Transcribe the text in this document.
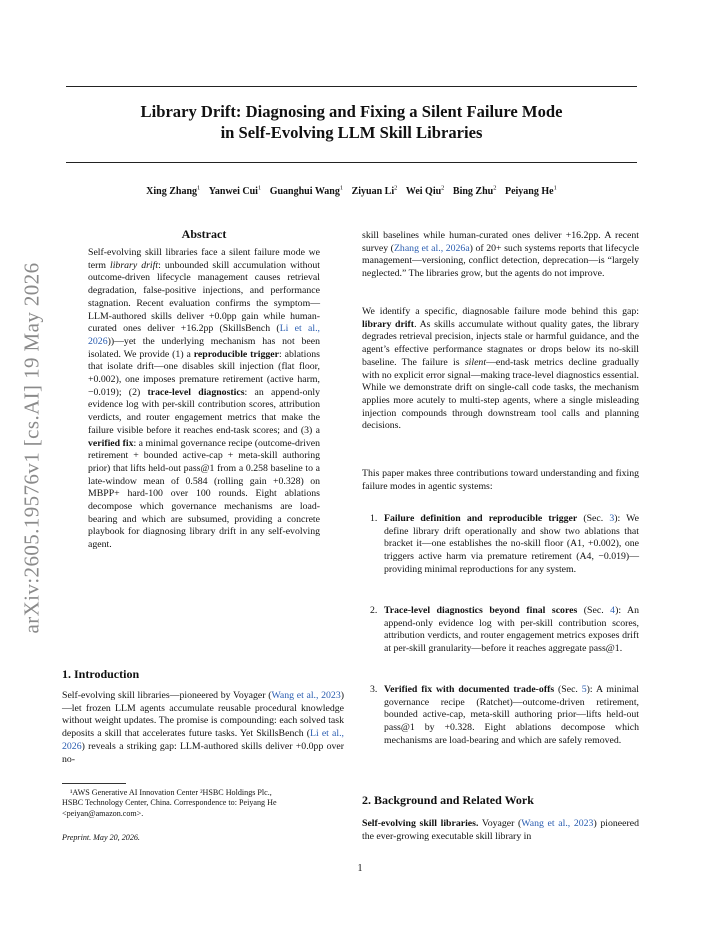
Library Drift: Diagnosing and Fixing a Silent Failure Mode
in Self-Evolving LLM Skill Libraries
Xing Zhang$^1$ Yanwei Cui$^1$ Guanghui Wang$^1$ Ziyuan Li$^2$ Wei Qiu$^2$ Bing Zhu$^2$ Peiyang He$^1$
arXiv:2605.19576v1 [cs.AI] 19 May 2026
Abstract
Self-evolving skill libraries face a silent failure mode we term library drift: unbounded skill accumulation without outcome-driven lifecycle management causes retrieval degradation, false-positive injections, and performance stagnation. Recent evaluation confirms the symptom—LLM-authored skills deliver +0.0pp gain while human-curated ones deliver +16.2pp (SkillsBench (Li et al., 2026))—yet the underlying mechanism has not been isolated. We provide (1) a reproducible trigger: ablations that isolate drift—one disables skill injection (flat floor, +0.002), one imposes premature retirement (active harm, −0.019); (2) trace-level diagnostics: an append-only evidence log with per-skill contribution scores, attribution verdicts, and router engagement metrics that make the failure visible before it reaches end-task scores; and (3) a verified fix: a minimal governance recipe (outcome-driven retirement + bounded active-cap + meta-skill authoring prior) that lifts held-out pass@1 from a 0.258 baseline to a late-window mean of 0.584 (rolling gain +0.328) on MBPP+ hard-100 over 100 rounds. Eight ablations decompose which governance mechanisms are load-bearing and which are subsumed, providing a concrete playbook for diagnosing library drift in any self-evolving agent.
1. Introduction
Self-evolving skill libraries—pioneered by Voyager (Wang et al., 2023)—let frozen LLM agents accumulate reusable procedural knowledge without weight updates. The promise is compounding: each solved task deposits a skill that accelerates future tasks. Yet SkillsBench (Li et al., 2026) reveals a striking gap: LLM-authored skills deliver +0.0pp over no-
¹AWS Generative AI Innovation Center ²HSBC Holdings Plc.,
HSBC Technology Center, China. Correspondence to: Peiyang He
<peiyan@amazon.com>.
Preprint. May 20, 2026.
skill baselines while human-curated ones deliver +16.2pp. A recent survey (Zhang et al., 2026a) of 20+ such systems reports that lifecycle management—versioning, conflict detection, deprecation—is “largely neglected.” The libraries grow, but the agents do not improve.
We identify a specific, diagnosable failure mode behind this gap: library drift. As skills accumulate without quality gates, the library degrades retrieval precision, injects stale or harmful guidance, and the agent’s effective performance stagnates or drops below its no-skill baseline. The failure is silent—end-task metrics decline gradually with no explicit error signal—making trace-level diagnostics essential. While we demonstrate drift on single-call code tasks, the mechanism applies more acutely to multi-step agents, where a single misleading injection compounds through downstream tool calls and planning decisions.
This paper makes three contributions toward understanding and fixing failure modes in agentic systems:
1. Failure definition and reproducible trigger (Sec. 3): We define library drift operationally and show two ablations that bracket it—one establishes the no-skill floor (A1, +0.002), one triggers active harm via premature retirement (A4, −0.019)—providing minimal reproductions for any system.
2. Trace-level diagnostics beyond final scores (Sec. 4): An append-only evidence log with per-skill contribution scores, attribution verdicts, and router engagement metrics exposes drift at per-skill granularity—before it reaches aggregate pass@1.
3. Verified fix with documented trade-offs (Sec. 5): A minimal governance recipe (Ratchet)—outcome-driven retirement, bounded active-cap, meta-skill authoring prior—lifts held-out pass@1 by +0.328. Eight ablations decompose which mechanisms are load-bearing and which are safely removed.
2. Background and Related Work
Self-evolving skill libraries. Voyager (Wang et al., 2023) pioneered the ever-growing executable skill library in
1
